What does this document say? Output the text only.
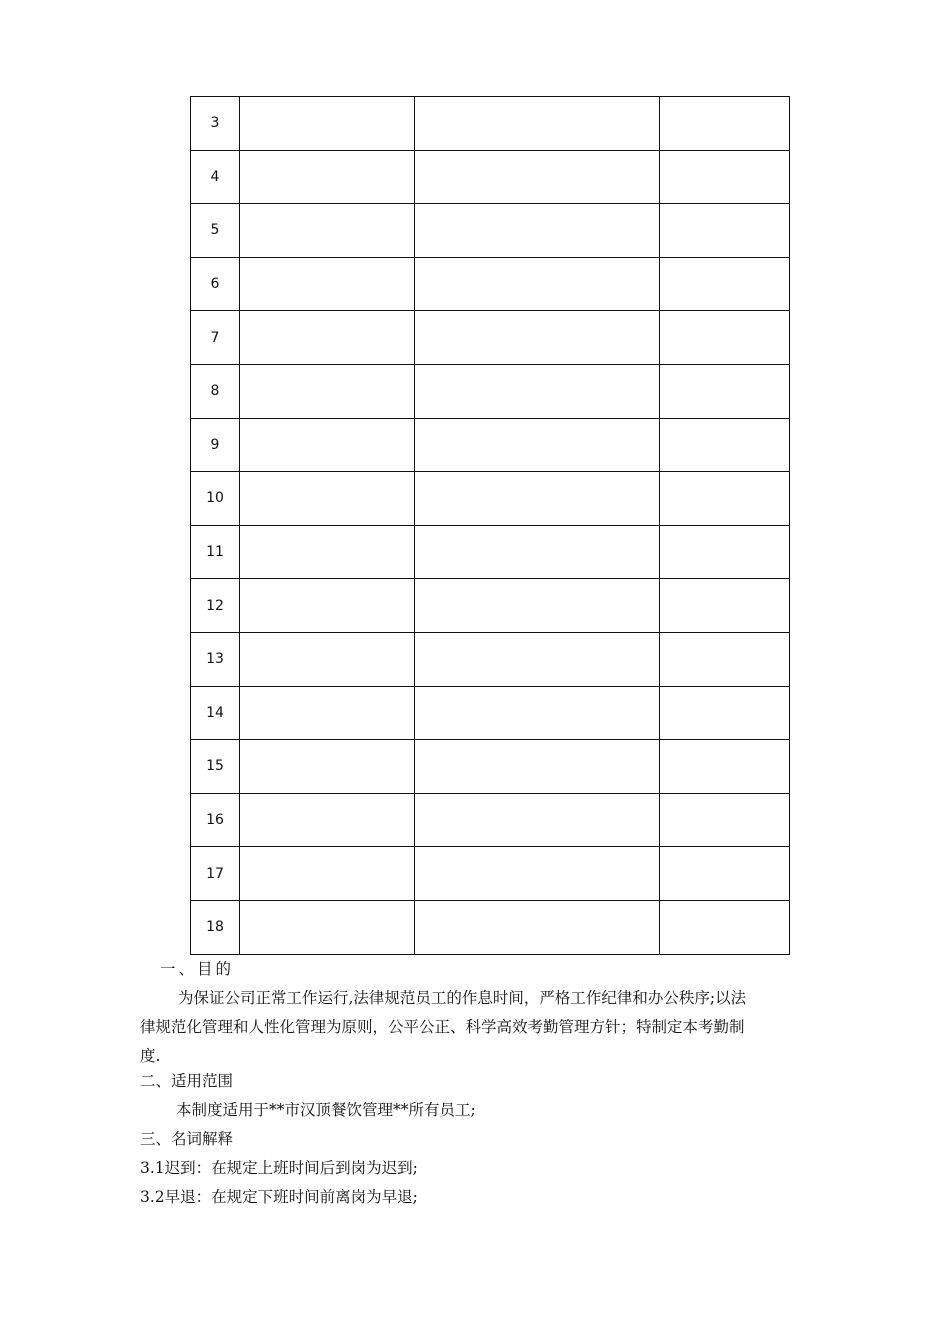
3			
4			
5			
6			
7			
8			
9			
10			
11			
12			
13			
14			
15			
16			
17			
18			
一、目的
为保证公司正常工作运行,法律规范员工的作息时间，严格工作纪律和办公秩序;以法
律规范化管理和人性化管理为原则，公平公正、科学高效考勤管理方针；特制定本考勤制
度.
二、适用范围
本制度适用于**市汉顶餐饮管理**所有员工;
三、名词解释
3.1迟到：在规定上班时间后到岗为迟到;
3.2早退：在规定下班时间前离岗为早退;
